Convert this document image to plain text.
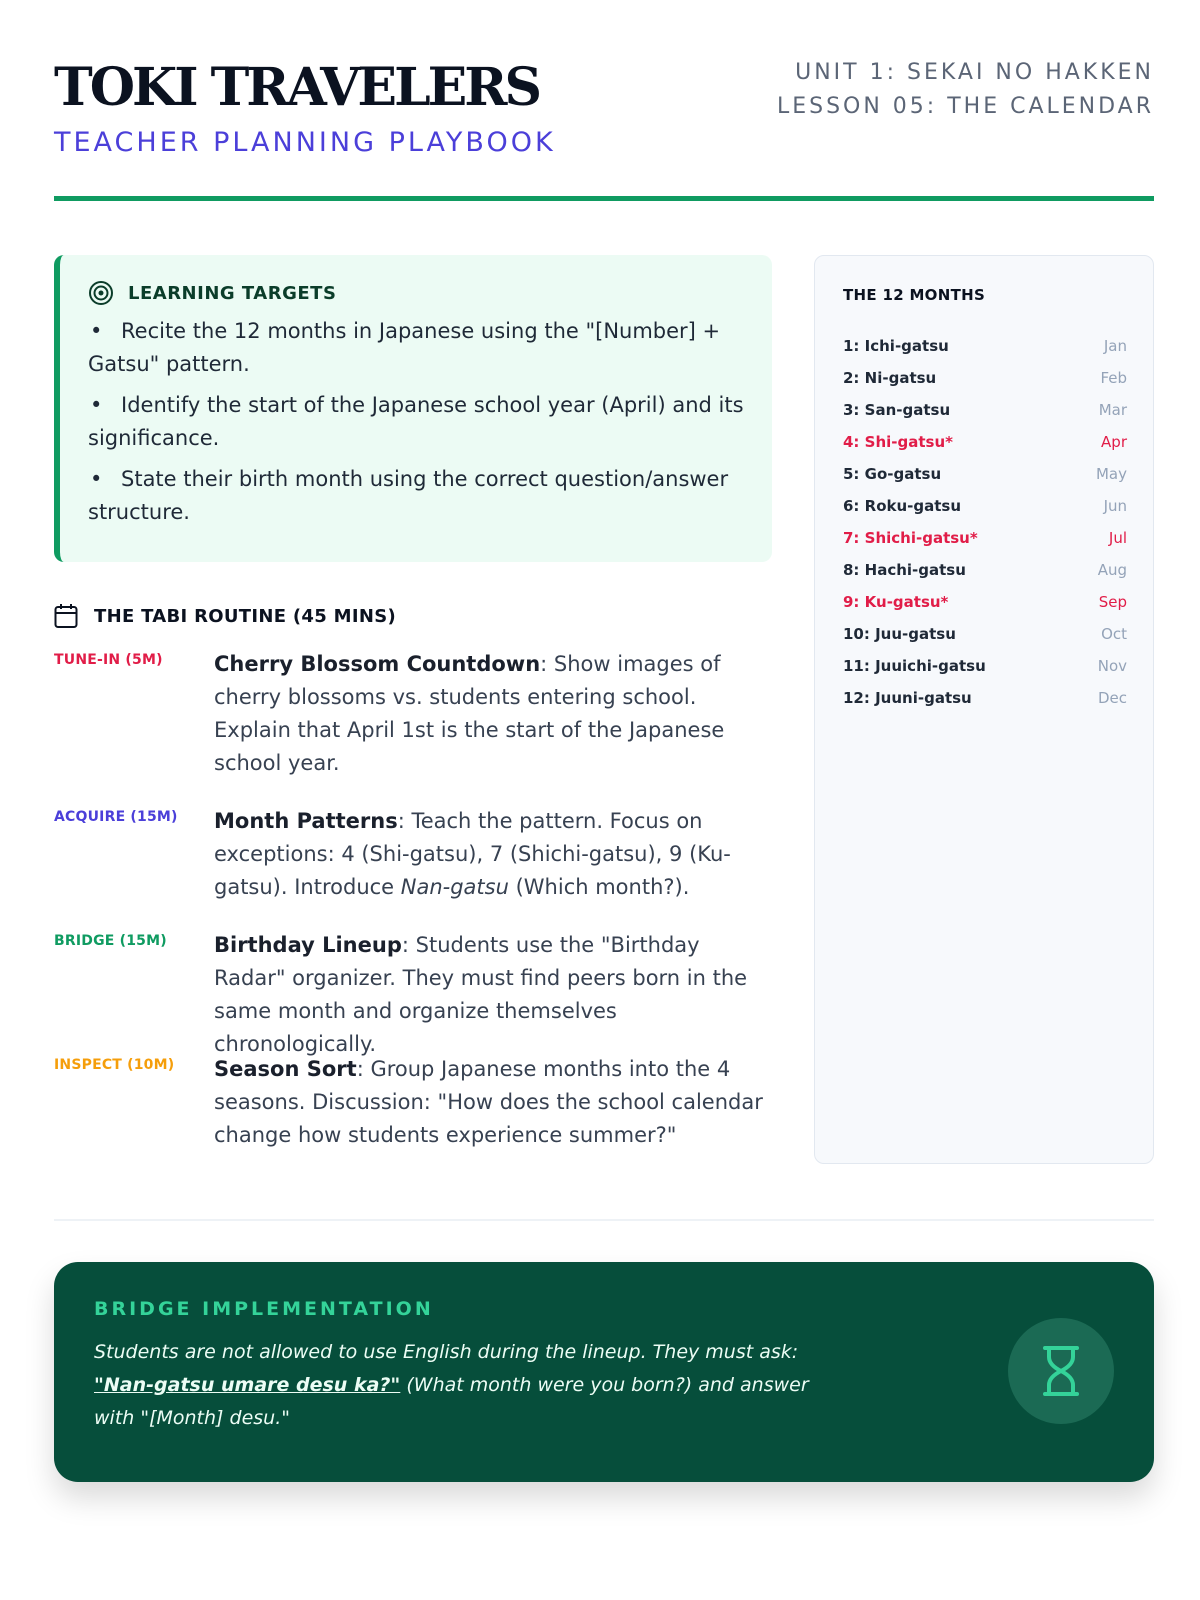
TOKI TRAVELERS
TEACHER PLANNING PLAYBOOK
UNIT 1: SEKAI NO HAKKEN
LESSON 05: THE CALENDAR
LEARNING TARGETS
• Recite the 12 months in Japanese using the "[Number] + Gatsu" pattern.
• Identify the start of the Japanese school year (April) and its significance.
• State their birth month using the correct question/answer structure.
THE TABI ROUTINE (45 MINS)
TUNE-IN (5M) Cherry Blossom Countdown: Show images of cherry blossoms vs. students entering school. Explain that April 1st is the start of the Japanese school year.
ACQUIRE (15M) Month Patterns: Teach the pattern. Focus on exceptions: 4 (Shi-gatsu), 7 (Shichi-gatsu), 9 (Ku-gatsu). Introduce Nan-gatsu (Which month?).
BRIDGE (15M) Birthday Lineup: Students use the "Birthday Radar" organizer. They must find peers born in the same month and organize themselves chronologically.
INSPECT (10M) Season Sort: Group Japanese months into the 4 seasons. Discussion: "How does the school calendar change how students experience summer?"
THE 12 MONTHS
1: Ichi-gatsu	Jan
2: Ni-gatsu	Feb
3: San-gatsu	Mar
4: Shi-gatsu*	Apr
5: Go-gatsu	May
6: Roku-gatsu	Jun
7: Shichi-gatsu*	Jul
8: Hachi-gatsu	Aug
9: Ku-gatsu*	Sep
10: Juu-gatsu	Oct
11: Juuichi-gatsu	Nov
12: Juuni-gatsu	Dec
BRIDGE IMPLEMENTATION
Students are not allowed to use English during the lineup. They must ask: "Nan-gatsu umare desu ka?" (What month were you born?) and answer with "[Month] desu."
